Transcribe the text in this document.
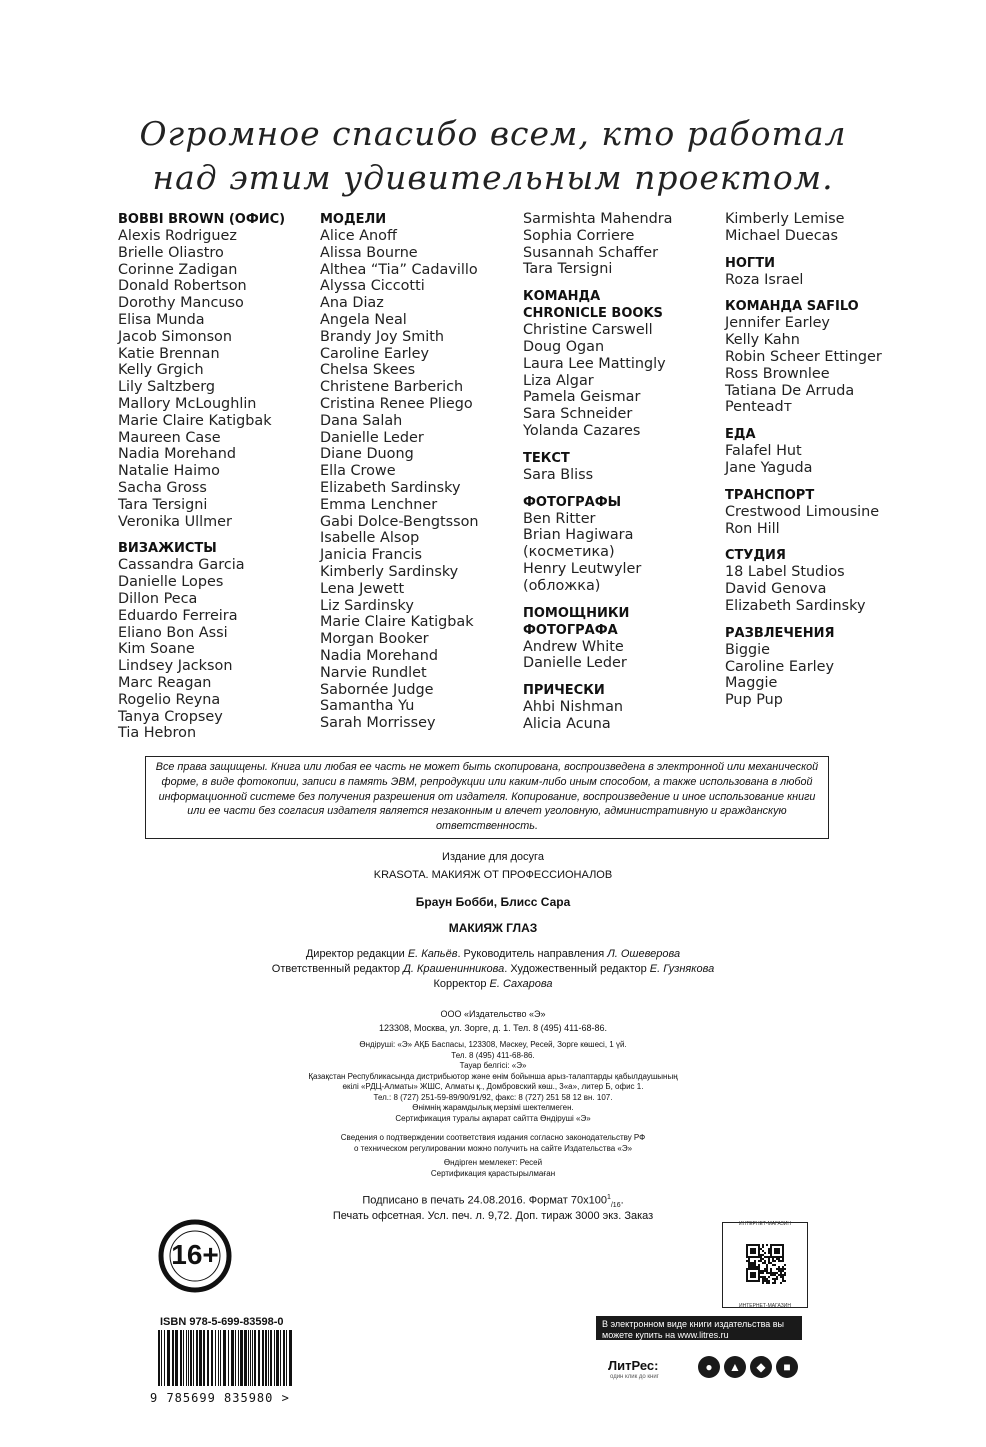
Огромное спасибо всем, кто работал
над этим удивительным проектом.
BOBBI BROWN (ОФИС)
Alexis Rodriguez
Brielle Oliastro
Corinne Zadigan
Donald Robertson
Dorothy Mancuso
Elisa Munda
Jacob Simonson
Katie Brennan
Kelly Grgich
Lily Saltzberg
Mallory McLoughlin
Marie Claire Katigbak
Maureen Case
Nadia Morehand
Natalie Haimo
Sacha Gross
Tara Tersigni
Veronika Ullmer
ВИЗАЖИСТЫ
Cassandra Garcia
Danielle Lopes
Dillon Peca
Eduardo Ferreira
Eliano Bon Assi
Kim Soane
Lindsey Jackson
Marc Reagan
Rogelio Reyna
Tanya Cropsey
Tia Hebron
МОДЕЛИ
Alice Anoff
Alissa Bourne
Althea “Tia” Cadavillo
Alyssa Ciccotti
Ana Diaz
Angela Neal
Brandy Joy Smith
Caroline Earley
Chelsa Skees
Christene Barberich
Cristina Renee Pliego
Dana Salah
Danielle Leder
Diane Duong
Ella Crowe
Elizabeth Sardinsky
Emma Lenchner
Gabi Dolce-Bengtsson
Isabelle Alsop
Janicia Francis
Kimberly Sardinsky
Lena Jewett
Liz Sardinsky
Marie Claire Katigbak
Morgan Booker
Nadia Morehand
Narvie Rundlet
Sabornée Judge
Samantha Yu
Sarah Morrissey
Sarmishta Mahendra
Sophia Corriere
Susannah Schaffer
Tara Tersigni
КОМАНДА CHRONICLE BOOKS
Christine Carswell
Doug Ogan
Laura Lee Mattingly
Liza Algar
Pamela Geismar
Sara Schneider
Yolanda Cazares
ТЕКСТ
Sara Bliss
ФОТОГРАФЫ
Ben Ritter
Brian Hagiwara
(косметика)
Henry Leutwyler
(обложка)
ПОМОЩНИКИ ФОТОГРАФА
Andrew White
Danielle Leder
ПРИЧЕСКИ
Ahbi Nishman
Alicia Acuna
Kimberly Lemise
Michael Duecas
НОГТИ
Roza Israel
КОМАНДА SAFILO
Jennifer Earley
Kelly Kahn
Robin Scheer Ettinger
Ross Brownlee
Tatiana De Arruda
Penteadт
ЕДА
Falafel Hut
Jane Yaguda
ТРАНСПОРТ
Crestwood Limousine
Ron Hill
СТУДИЯ
18 Label Studios
David Genova
Elizabeth Sardinsky
РАЗВЛЕЧЕНИЯ
Biggie
Caroline Earley
Maggie
Pup Pup
Все права защищены. Книга или любая ее часть не может быть скопирована, воспроизведена в электронной или механической форме, в виде фотокопии, записи в память ЭВМ, репродукции или каким-либо иным способом, а также использована в любой информационной системе без получения разрешения от издателя. Копирование, воспроизведение и иное использование книги или ее части без согласия издателя является незаконным и влечет уголовную, административную и гражданскую ответственность.
Издание для досуга
KRASOTA. МАКИЯЖ ОТ ПРОФЕССИОНАЛОВ
Браун Бобби, Блисс Сара
МАКИЯЖ ГЛАЗ
Директор редакции Е. Капьёв. Руководитель направления Л. Ошеверова
Ответственный редактор Д. Крашенинникова. Художественный редактор Е. Гузнякова
Корректор Е. Сахарова
ООО «Издательство «Э»
123308, Москва, ул. Зорге, д. 1. Тел. 8 (495) 411-68-86.
Өндіруші: «Э» АҚБ Баспасы, 123308, Мәскеу, Ресей, Зорге көшесі, 1 үй.
Тел. 8 (495) 411-68-86.
Тауар белгісі: «Э»
Қазақстан Республикасында дистрибьютор және өнім бойынша арыз-талаптарды қабылдаушының
өкілі «РДЦ-Алматы» ЖШС, Алматы қ., Домбровский көш., 3«а», литер Б, офис 1.
Тел.: 8 (727) 251-59-89/90/91/92, факс: 8 (727) 251 58 12 вн. 107.
Өнімнің жарамдылық мерзімі шектелмеген.
Сертификация туралы ақпарат сайтта Өндіруші «Э»
Сведения о подтверждении соответствия издания согласно законодательству РФ
о техническом регулировании можно получить на сайте Издательства «Э»
Өндірген мемлекет: Ресей
Сертификация қарастырылмаған
Подписано в печать 24.08.2016. Формат $70x100^1_{/16}$.
Печать офсетная. Усл. печ. л. 9,72. Доп. тираж 3000 экз. Заказ
16+
ISBN 978-5-699-83598-0
9 785699 835980 >
ИНТЕРНЕТ-МАГАЗИН
ИНТЕРНЕТ-МАГАЗИН
В электронном виде книги издательства вы можете купить на www.litres.ru
ЛитРес:
один клик до книг
●	▲	◆	■
